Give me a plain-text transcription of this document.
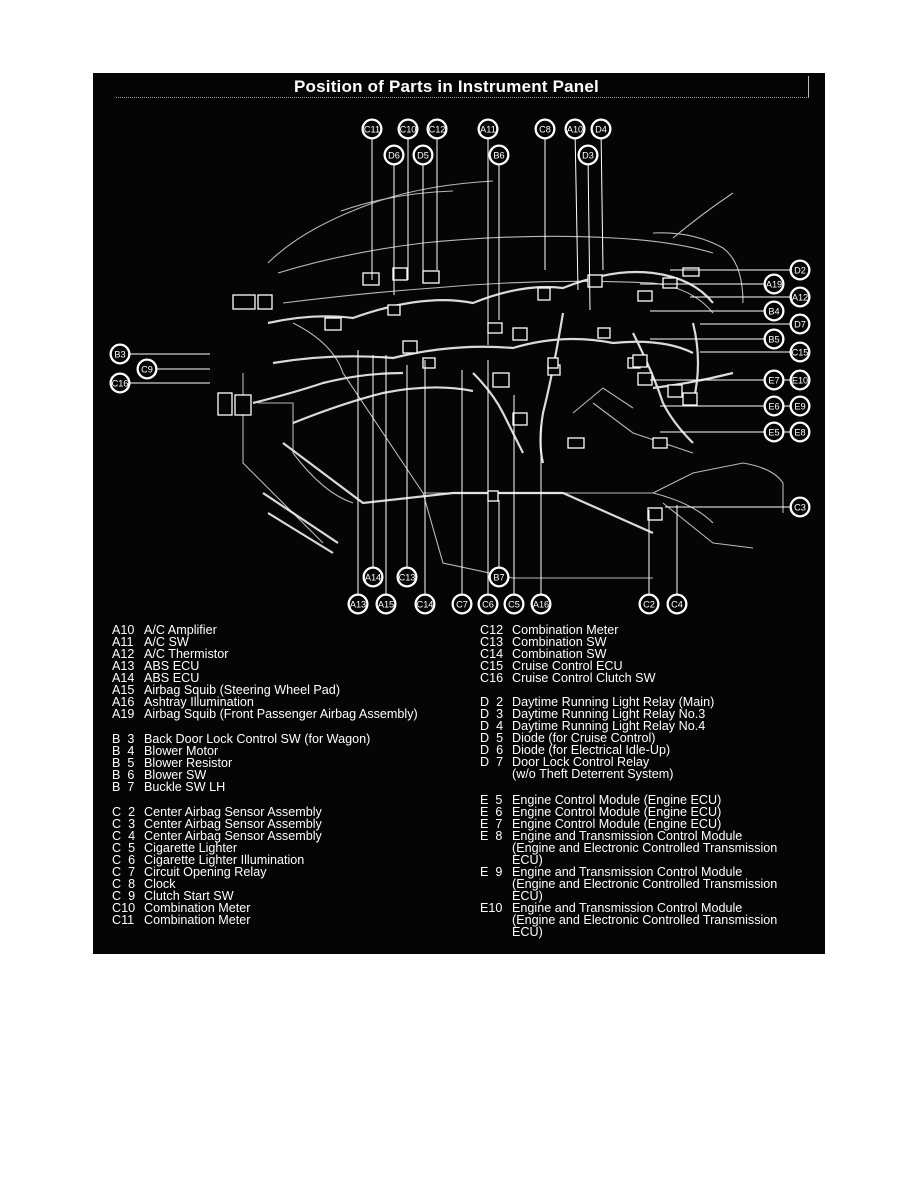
Position of Parts in Instrument Panel
C11 C10 C12	A11	C8 A10 D4
D6 D5	B6	D3
D2
A19
A12
B4
D7
B5
C15
E7 E10
E6 E9
E5 E8
B3
C9
C16
C3
A14 C13	B7
A13 A15 C14 C7 C6 C5 A16	C2 C4
A10 A/C Amplifier
A11 A/C SW
A12 A/C Thermistor
A13 ABS ECU
A14 ABS ECU
A15 Airbag Squib (Steering Wheel Pad)
A16 Ashtray Illumination
A19 Airbag Squib (Front Passenger Airbag Assembly)
B  3 Back Door Lock Control SW (for Wagon)
B  4 Blower Motor
B  5 Blower Resistor
B  6 Blower SW
B  7 Buckle SW LH
C  2 Center Airbag Sensor Assembly
C  3 Center Airbag Sensor Assembly
C  4 Center Airbag Sensor Assembly
C  5 Cigarette Lighter
C  6 Cigarette Lighter Illumination
C  7 Circuit Opening Relay
C  8 Clock
C  9 Clutch Start SW
C10 Combination Meter
C11 Combination Meter
C12 Combination Meter
C13 Combination SW
C14 Combination SW
C15 Cruise Control ECU
C16 Cruise Control Clutch SW
D  2 Daytime Running Light Relay (Main)
D  3 Daytime Running Light Relay No.3
D  4 Daytime Running Light Relay No.4
D  5 Diode (for Cruise Control)
D  6 Diode (for Electrical Idle-Up)
D  7 Door Lock Control Relay
(w/o Theft Deterrent System)
E  5 Engine Control Module (Engine ECU)
E  6 Engine Control Module (Engine ECU)
E  7 Engine Control Module (Engine ECU)
E  8 Engine and Transmission Control Module
(Engine and Electronic Controlled Transmission
ECU)
E  9 Engine and Transmission Control Module
(Engine and Electronic Controlled Transmission
ECU)
E10 Engine and Transmission Control Module
(Engine and Electronic Controlled Transmission
ECU)
